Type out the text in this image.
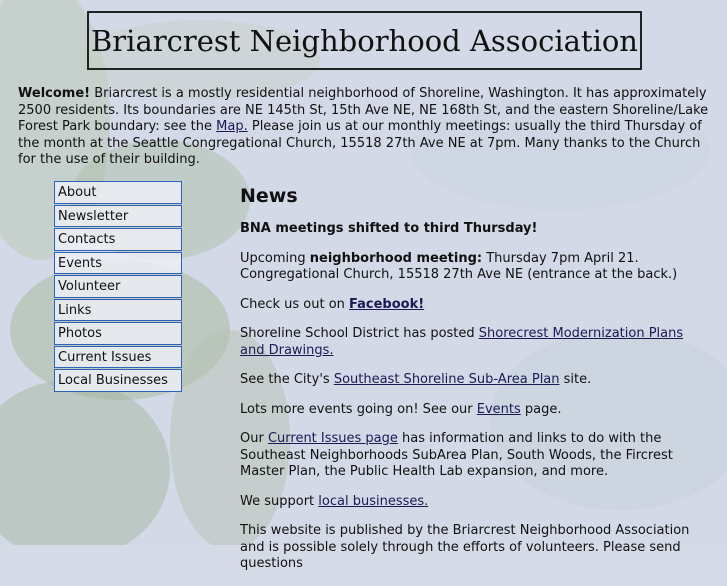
Briarcrest Neighborhood Association
Welcome! Briarcrest is a mostly residential neighborhood of Shoreline, Washington. It has approximately 2500 residents. Its boundaries are NE 145th St, 15th Ave NE, NE 168th St, and the eastern Shoreline/Lake Forest Park boundary: see the Map. Please join us at our monthly meetings: usually the third Thursday of the month at the Seattle Congregational Church, 15518 27th Ave NE at 7pm. Many thanks to the Church for the use of their building.
About
Newsletter
Contacts
Events
Volunteer
Links
Photos
Current Issues
Local Businesses
News

BNA meetings shifted to third Thursday!

Upcoming neighborhood meeting: Thursday 7pm April 21. Congregational Church, 15518 27th Ave NE (entrance at the back.)

Check us out on Facebook!

Shoreline School District has posted Shorecrest Modernization Plans and Drawings.

See the City's Southeast Shoreline Sub-Area Plan site.

Lots more events going on! See our Events page.

Our Current Issues page has information and links to do with the Southeast Neighborhoods SubArea Plan, South Woods, the Fircrest Master Plan, the Public Health Lab expansion, and more.

We support local businesses.

This website is published by the Briarcrest Neighborhood Association and is possible solely through the efforts of volunteers. Please send questions
